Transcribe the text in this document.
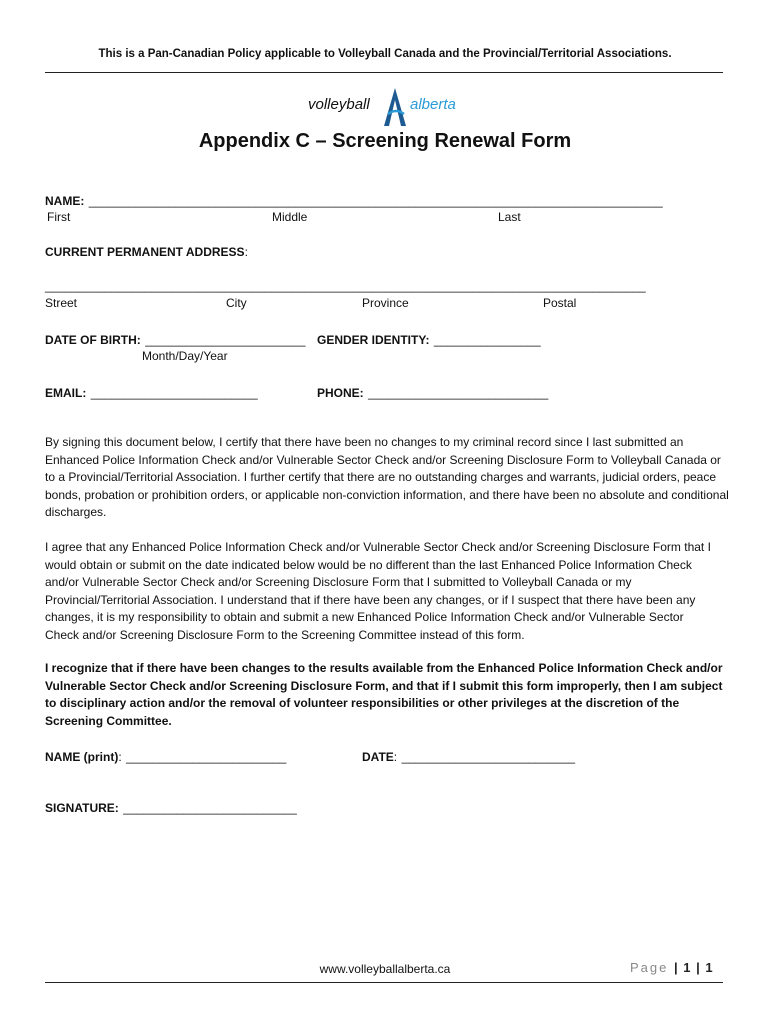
This is a Pan-Canadian Policy applicable to Volleyball Canada and the Provincial/Territorial Associations.
volleyball	alberta
Appendix C – Screening Renewal Form
NAME: ______________________________________________________________________________________
First	Middle	Last
CURRENT PERMANENT ADDRESS:
__________________________________________________________________________________________
Street	City	Province	Postal
DATE OF BIRTH: ________________________
Month/Day/Year
GENDER IDENTITY: ________________
EMAIL: _________________________	PHONE: ___________________________
By signing this document below, I certify that there have been no changes to my criminal record since I last submitted an Enhanced Police Information Check and/or Vulnerable Sector Check and/or Screening Disclosure Form to Volleyball Canada or to a Provincial/Territorial Association. I further certify that there are no outstanding charges and warrants, judicial orders, peace bonds, probation or prohibition orders, or applicable non-conviction information, and there have been no absolute and conditional discharges.
I agree that any Enhanced Police Information Check and/or Vulnerable Sector Check and/or Screening Disclosure Form that I would obtain or submit on the date indicated below would be no different than the last Enhanced Police Information Check and/or Vulnerable Sector Check and/or Screening Disclosure Form that I submitted to Volleyball Canada or my Provincial/Territorial Association. I understand that if there have been any changes, or if I suspect that there have been any changes, it is my responsibility to obtain and submit a new Enhanced Police Information Check and/or Vulnerable Sector Check and/or Screening Disclosure Form to the Screening Committee instead of this form.
I recognize that if there have been changes to the results available from the Enhanced Police Information Check and/or Vulnerable Sector Check and/or Screening Disclosure Form, and that if I submit this form improperly, then I am subject to disciplinary action and/or the removal of volunteer responsibilities or other privileges at the discretion of the Screening Committee.
NAME (print): ________________________	DATE: __________________________
SIGNATURE: __________________________
www.volleyballalberta.ca	Page | 1 | 1
